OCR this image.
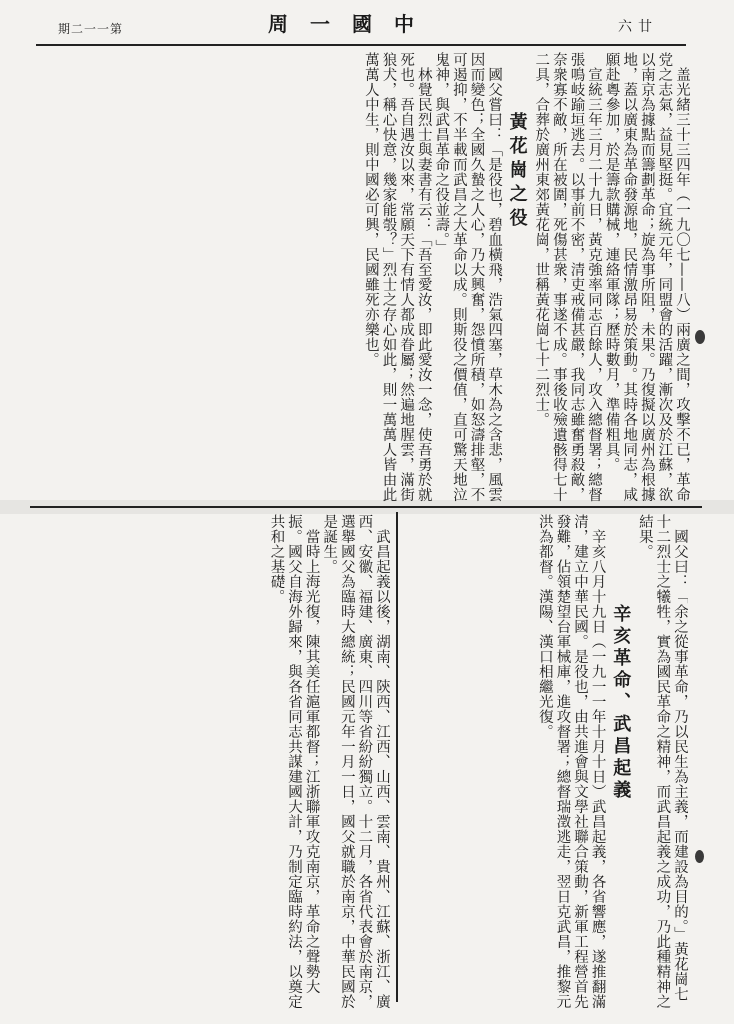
期二一一第	周一國中	六廿

盖光緒三十三四年（一九〇七——八）兩廣之間，攻擊不已，革命党之志氣，益見堅挺。宜統元年，同盟會的活躍，漸次及於江蘇，欲以南京為據點而籌劃革命；旋為事所阻，未果。乃復擬以廣州為根據地，蓋以廣東為革命發源地，民情激昂易於策動。其時各地同志，咸願赴粵參加，於是籌款購械，連絡軍隊；歷時數月，準備粗具。

宣統三年三月二十九日，黃克強率同志百餘人，攻入總督署；總督張鳴岐踰垣逃去。以事前不密，清吏戒備甚嚴，我同志雖奮勇殺敵，奈衆寡不敵，所在被圍，死傷甚衆，事遂不成。事後收殮遺骸得七十二具，合葬於廣州東郊黃花崗，世稱黃花崗七十二烈士。

黃花崗之役

國父嘗曰：「是役也，碧血橫飛，浩氣四塞，草木為之含悲，風雲因而變色；全國久蟄之人心，乃大興奮，怨憤所積，如怒濤排壑，不可遏抑，不半載而武昌之大革命以成。則斯役之價值，直可驚天地泣鬼神，與武昌革命之役並壽。」

林覺民烈士與妻書有云：「吾至愛汝，即此愛汝一念，使吾勇於就死也。吾自遇汝以來，常願天下有情人都成眷屬；然遍地腥雲，滿街狼犬，稱心快意，幾家能彀？」烈士之存心如此，則一萬萬人皆由此萬萬人中生，則中國必可興，民國雖死亦樂也。

國父曰：「余之從事革命，乃以民生為主義，而建設為目的。」黃花崗七十二烈士之犧牲，實為國民革命之精神，而武昌起義之成功，乃此種精神之結果。

辛亥革命、武昌起義

辛亥八月十九日（一九一一年十月十日）武昌起義，各省響應，遂推翻滿清，建立中華民國。是役也，由共進會與文學社聯合策動，新軍工程營首先發難，佔領楚望台軍械庫，進攻督署；總督瑞澂逃走，翌日克武昌，推黎元洪為都督。漢陽、漢口相繼光復。

武昌起義以後，湖南、陝西、江西、山西、雲南、貴州、江蘇、浙江、廣西、安徽、福建、廣東、四川等省紛紛獨立。十二月，各省代表會於南京，選舉國父為臨時大總統；民國元年一月一日，國父就職於南京，中華民國於是誕生。

當時上海光復，陳其美任滬軍都督；江浙聯軍攻克南京，革命之聲勢大振。國父自海外歸來，與各省同志共謀建國大計，乃制定臨時約法，以奠定共和之基礎。
